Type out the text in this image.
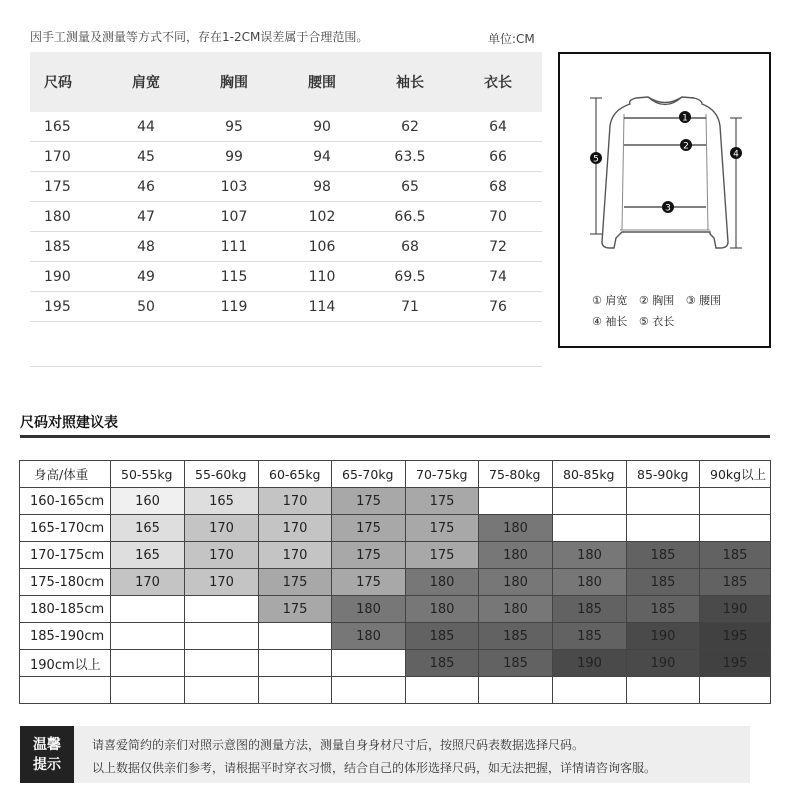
因手工测量及测量等方式不同，存在1-2CM误差属于合理范围。	单位:CM
尺码	肩宽	胸围	腰围	袖长	衣长
165	44	95	90	62	64
170	45	99	94	63.5	66
175	46	103	98	65	68
180	47	107	102	66.5	70
185	48	111	106	68	72
190	49	115	110	69.5	74
195	50	119	114	71	76

1
2
3
4
5
① 肩宽 ② 胸围 ③ 腰围
④ 袖长 ⑤ 衣长
尺码对照建议表
身高/体重	50-55kg	55-60kg	60-65kg	65-70kg	70-75kg	75-80kg	80-85kg	85-90kg	90kg以上
160-165cm	160	165	170	175	175				
165-170cm	165	170	170	175	175	180			
170-175cm	165	170	170	175	175	180	180	185	185
175-180cm	170	170	175	175	180	180	180	185	185
180-185cm			175	180	180	180	185	185	190
185-190cm				180	185	185	185	190	195
190cm以上					185	185	190	190	195

温馨
提示
请喜爱简约的亲们对照示意图的测量方法，测量自身身材尺寸后，按照尺码表数据选择尺码。
以上数据仅供亲们参考，请根据平时穿衣习惯，结合自己的体形选择尺码，如无法把握，详情请咨询客服。
